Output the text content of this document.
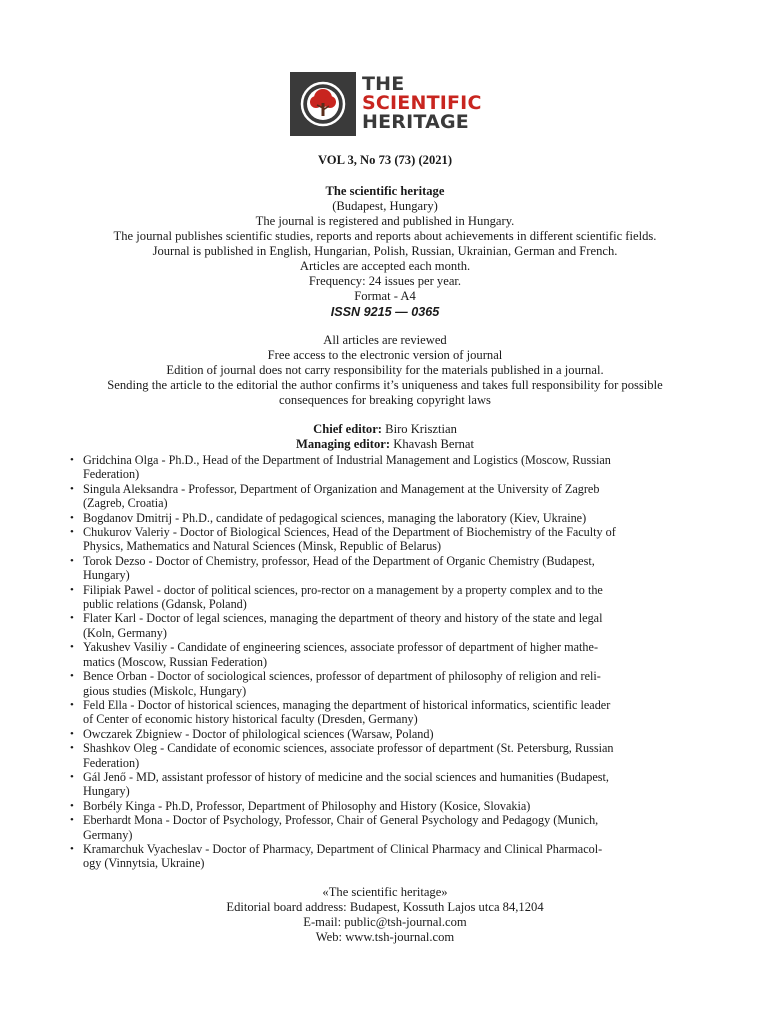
THE
SCIENTIFIC
HERITAGE
VOL 3, No 73 (73) (2021)
The scientific heritage
(Budapest, Hungary)
The journal is registered and published in Hungary.
The journal publishes scientific studies, reports and reports about achievements in different scientific fields.
Journal is published in English, Hungarian, Polish, Russian, Ukrainian, German and French.
Articles are accepted each month.
Frequency: 24 issues per year.
Format - A4
ISSN 9215 — 0365
All articles are reviewed
Free access to the electronic version of journal
Edition of journal does not carry responsibility for the materials published in a journal.
Sending the article to the editorial the author confirms it’s uniqueness and takes full responsibility for possible
consequences for breaking copyright laws
Chief editor: Biro Krisztian
Managing editor: Khavash Bernat
• Gridchina Olga - Ph.D., Head of the Department of Industrial Management and Logistics (Moscow, Russian
Federation)
• Singula Aleksandra - Professor, Department of Organization and Management at the University of Zagreb
(Zagreb, Croatia)
• Bogdanov Dmitrij - Ph.D., candidate of pedagogical sciences, managing the laboratory (Kiev, Ukraine)
• Chukurov Valeriy - Doctor of Biological Sciences, Head of the Department of Biochemistry of the Faculty of
Physics, Mathematics and Natural Sciences (Minsk, Republic of Belarus)
• Torok Dezso - Doctor of Chemistry, professor, Head of the Department of Organic Chemistry (Budapest,
Hungary)
• Filipiak Pawel - doctor of political sciences, pro-rector on a management by a property complex and to the
public relations (Gdansk, Poland)
• Flater Karl - Doctor of legal sciences, managing the department of theory and history of the state and legal
(Koln, Germany)
• Yakushev Vasiliy - Candidate of engineering sciences, associate professor of department of higher mathe-
matics (Moscow, Russian Federation)
• Bence Orban - Doctor of sociological sciences, professor of department of philosophy of religion and reli-
gious studies (Miskolc, Hungary)
• Feld Ella - Doctor of historical sciences, managing the department of historical informatics, scientific leader
of Center of economic history historical faculty (Dresden, Germany)
• Owczarek Zbigniew - Doctor of philological sciences (Warsaw, Poland)
• Shashkov Oleg - Candidate of economic sciences, associate professor of department (St. Petersburg, Russian
Federation)
• Gál Jenő - MD, assistant professor of history of medicine and the social sciences and humanities (Budapest,
Hungary)
• Borbély Kinga - Ph.D, Professor, Department of Philosophy and History (Kosice, Slovakia)
• Eberhardt Mona - Doctor of Psychology, Professor, Chair of General Psychology and Pedagogy (Munich,
Germany)
• Kramarchuk Vyacheslav - Doctor of Pharmacy, Department of Clinical Pharmacy and Clinical Pharmacol-
ogy (Vinnytsia, Ukraine)
«The scientific heritage»
Editorial board address: Budapest, Kossuth Lajos utca 84,1204
E-mail: public@tsh-journal.com
Web: www.tsh-journal.com
